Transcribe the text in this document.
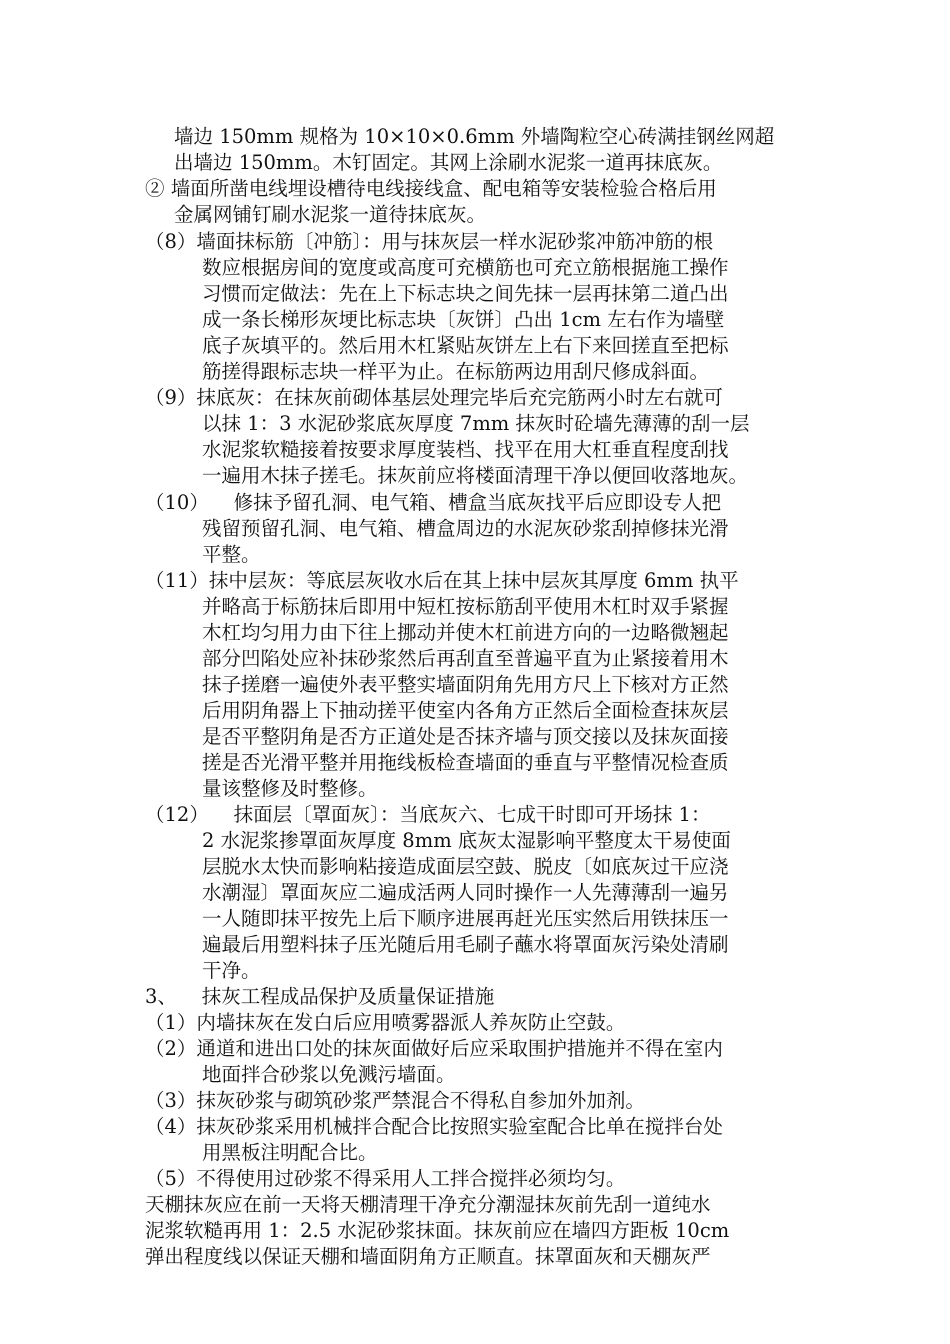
墙边 150mm 规格为 10×10×0.6mm 外墙陶粒空心砖满挂钢丝网超
出墙边 150mm。木钉固定。其网上涂刷水泥浆一道再抹底灰。
② 墙面所凿电线埋设槽待电线接线盒、配电箱等安装检验合格后用
金属网铺钉刷水泥浆一道待抹底灰。
（8）墙面抹标筋〔冲筋〕：用与抹灰层一样水泥砂浆冲筋冲筋的根
数应根据房间的宽度或高度可充横筋也可充立筋根据施工操作
习惯而定做法：先在上下标志块之间先抹一层再抹第二道凸出
成一条长梯形灰埂比标志块〔灰饼〕凸出 1cm 左右作为墙壁
底子灰填平的。然后用木杠紧贴灰饼左上右下来回搓直至把标
筋搓得跟标志块一样平为止。在标筋两边用刮尺修成斜面。
（9）抹底灰：在抹灰前砌体基层处理完毕后充完筋两小时左右就可
以抹 1：3 水泥砂浆底灰厚度 7mm 抹灰时砼墙先薄薄的刮一层
水泥浆软糙接着按要求厚度装档、找平在用大杠垂直程度刮找
一遍用木抹子搓毛。抹灰前应将楼面清理干净以便回收落地灰。
（10）    修抹予留孔洞、电气箱、槽盒当底灰找平后应即设专人把
残留预留孔洞、电气箱、槽盒周边的水泥灰砂浆刮掉修抹光滑
平整。
（11）抹中层灰：等底层灰收水后在其上抹中层灰其厚度 6mm 执平
并略高于标筋抹后即用中短杠按标筋刮平使用木杠时双手紧握
木杠均匀用力由下往上挪动并使木杠前进方向的一边略微翘起
部分凹陷处应补抹砂浆然后再刮直至普遍平直为止紧接着用木
抹子搓磨一遍使外表平整实墙面阴角先用方尺上下核对方正然
后用阴角器上下抽动搓平使室内各角方正然后全面检查抹灰层
是否平整阴角是否方正道处是否抹齐墙与顶交接以及抹灰面接
搓是否光滑平整并用拖线板检查墙面的垂直与平整情况检查质
量该整修及时整修。
（12）    抹面层〔罩面灰〕：当底灰六、七成干时即可开场抹 1：
2 水泥浆掺罩面灰厚度 8mm 底灰太湿影响平整度太干易使面
层脱水太快而影响粘接造成面层空鼓、脱皮〔如底灰过干应浇
水潮湿〕罩面灰应二遍成活两人同时操作一人先薄薄刮一遍另
一人随即抹平按先上后下顺序进展再赶光压实然后用铁抹压一
遍最后用塑料抹子压光随后用毛刷子蘸水将罩面灰污染处清刷
干净。
3、    抹灰工程成品保护及质量保证措施
（1）内墙抹灰在发白后应用喷雾器派人养灰防止空鼓。
（2）通道和进出口处的抹灰面做好后应采取围护措施并不得在室内
地面拌合砂浆以免溅污墙面。
（3）抹灰砂浆与砌筑砂浆严禁混合不得私自参加外加剂。
（4）抹灰砂浆采用机械拌合配合比按照实验室配合比单在搅拌台处
用黑板注明配合比。
（5）不得使用过砂浆不得采用人工拌合搅拌必须均匀。
天棚抹灰应在前一天将天棚清理干净充分潮湿抹灰前先刮一道纯水
泥浆软糙再用 1：2.5 水泥砂浆抹面。抹灰前应在墙四方距板 10cm
弹出程度线以保证天棚和墙面阴角方正顺直。抹罩面灰和天棚灰严
